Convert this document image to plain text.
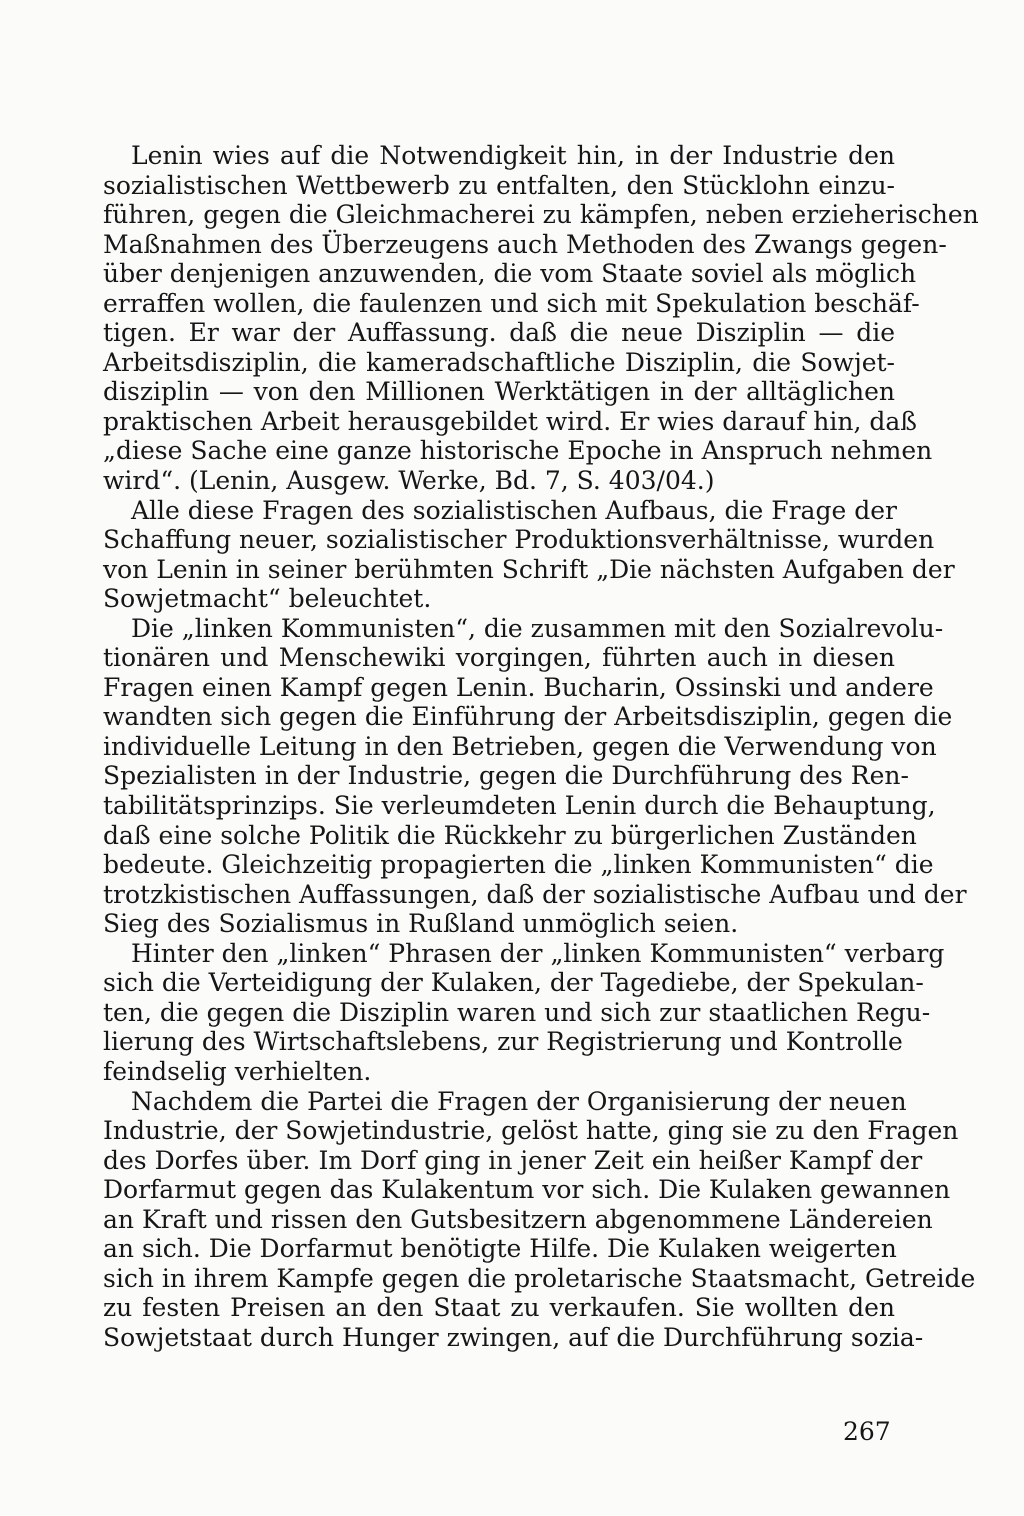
Lenin wies auf die Notwendigkeit hin, in der Industrie den
sozialistischen Wettbewerb zu entfalten, den Stücklohn einzu-
führen, gegen die Gleichmacherei zu kämpfen, neben erzieherischen
Maßnahmen des Überzeugens auch Methoden des Zwangs gegen-
über denjenigen anzuwenden, die vom Staate soviel als möglich
erraffen wollen, die faulenzen und sich mit Spekulation beschäf-
tigen. Er war der Auffassung. daß die neue Disziplin — die
Arbeitsdisziplin, die kameradschaftliche Disziplin, die Sowjet-
disziplin — von den Millionen Werktätigen in der alltäglichen
praktischen Arbeit herausgebildet wird. Er wies darauf hin, daß
„diese Sache eine ganze historische Epoche in Anspruch nehmen
wird“. (Lenin, Ausgew. Werke, Bd. 7, S. 403/04.)
Alle diese Fragen des sozialistischen Aufbaus, die Frage der
Schaffung neuer, sozialistischer Produktionsverhältnisse, wurden
von Lenin in seiner berühmten Schrift „Die nächsten Aufgaben der
Sowjetmacht“ beleuchtet.
Die „linken Kommunisten“, die zusammen mit den Sozialrevolu-
tionären und Menschewiki vorgingen, führten auch in diesen
Fragen einen Kampf gegen Lenin. Bucharin, Ossinski und andere
wandten sich gegen die Einführung der Arbeitsdisziplin, gegen die
individuelle Leitung in den Betrieben, gegen die Verwendung von
Spezialisten in der Industrie, gegen die Durchführung des Ren-
tabilitätsprinzips. Sie verleumdeten Lenin durch die Behauptung,
daß eine solche Politik die Rückkehr zu bürgerlichen Zuständen
bedeute. Gleichzeitig propagierten die „linken Kommunisten“ die
trotzkistischen Auffassungen, daß der sozialistische Aufbau und der
Sieg des Sozialismus in Rußland unmöglich seien.
Hinter den „linken“ Phrasen der „linken Kommunisten“ verbarg
sich die Verteidigung der Kulaken, der Tagediebe, der Spekulan-
ten, die gegen die Disziplin waren und sich zur staatlichen Regu-
lierung des Wirtschaftslebens, zur Registrierung und Kontrolle
feindselig verhielten.
Nachdem die Partei die Fragen der Organisierung der neuen
Industrie, der Sowjetindustrie, gelöst hatte, ging sie zu den Fragen
des Dorfes über. Im Dorf ging in jener Zeit ein heißer Kampf der
Dorfarmut gegen das Kulakentum vor sich. Die Kulaken gewannen
an Kraft und rissen den Gutsbesitzern abgenommene Ländereien
an sich. Die Dorfarmut benötigte Hilfe. Die Kulaken weigerten
sich in ihrem Kampfe gegen die proletarische Staatsmacht, Getreide
zu festen Preisen an den Staat zu verkaufen. Sie wollten den
Sowjetstaat durch Hunger zwingen, auf die Durchführung sozia-
267
